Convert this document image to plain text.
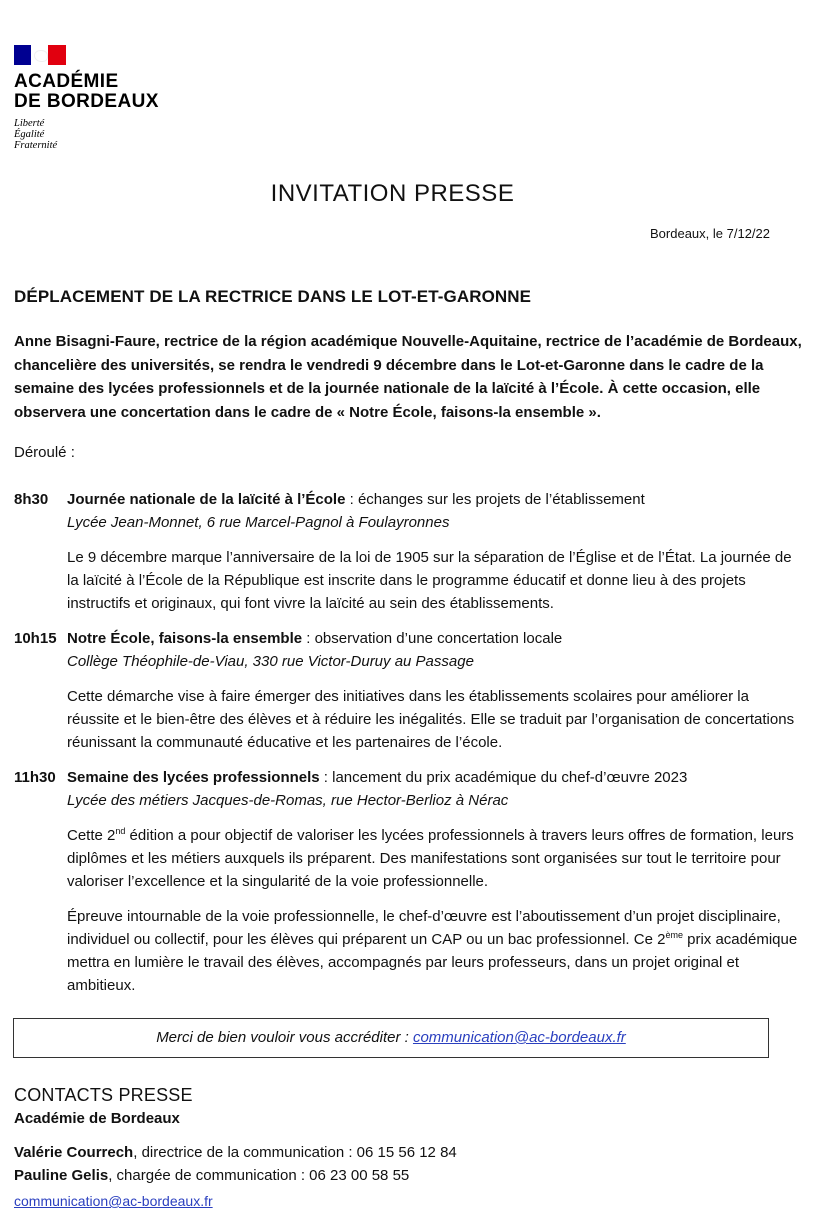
ACADÉMIE
DE BORDEAUX
Liberté
Égalité
Fraternité
INVITATION PRESSE
Bordeaux, le 7/12/22
DÉPLACEMENT DE LA RECTRICE DANS LE LOT-ET-GARONNE
Anne Bisagni-Faure, rectrice de la région académique Nouvelle-Aquitaine, rectrice de l’académie de Bordeaux, chancelière des universités, se rendra le vendredi 9 décembre dans le Lot-et-Garonne dans le cadre de la semaine des lycées professionnels et de la journée nationale de la laïcité à l’École. À cette occasion, elle observera une concertation dans le cadre de « Notre École, faisons-la ensemble ».
Déroulé :
8h30 Journée nationale de la laïcité à l’École : échanges sur les projets de l’établissement

Lycée Jean-Monnet, 6 rue Marcel-Pagnol à Foulayronnes

Le 9 décembre marque l’anniversaire de la loi de 1905 sur la séparation de l’Église et de l’État. La journée de la laïcité à l’École de la République est inscrite dans le programme éducatif et donne lieu à des projets instructifs et originaux, qui font vivre la laïcité au sein des établissements.

10h15 Notre École, faisons-la ensemble : observation d’une concertation locale

Collège Théophile-de-Viau, 330 rue Victor-Duruy au Passage

Cette démarche vise à faire émerger des initiatives dans les établissements scolaires pour améliorer la réussite et le bien-être des élèves et à réduire les inégalités. Elle se traduit par l’organisation de concertations réunissant la communauté éducative et les partenaires de l’école.

11h30 Semaine des lycées professionnels : lancement du prix académique du chef-d’œuvre 2023

Lycée des métiers Jacques-de-Romas, rue Hector-Berlioz à Nérac

Cette 2nd édition a pour objectif de valoriser les lycées professionnels à travers leurs offres de formation, leurs diplômes et les métiers auxquels ils préparent. Des manifestations sont organisées sur tout le territoire pour valoriser l’excellence et la singularité de la voie professionnelle.

Épreuve intournable de la voie professionnelle, le chef-d’œuvre est l’aboutissement d’un projet disciplinaire, individuel ou collectif, pour les élèves qui préparent un CAP ou un bac professionnel. Ce 2ème prix académique mettra en lumière le travail des élèves, accompagnés par leurs professeurs, dans un projet original et ambitieux.

Merci de bien vouloir vous accréditer : communication@ac-bordeaux.fr
CONTACTS PRESSE
Académie de Bordeaux
Valérie Courrech, directrice de la communication : 06 15 56 12 84
Pauline Gelis, chargée de communication : 06 23 00 58 55
communication@ac-bordeaux.fr
